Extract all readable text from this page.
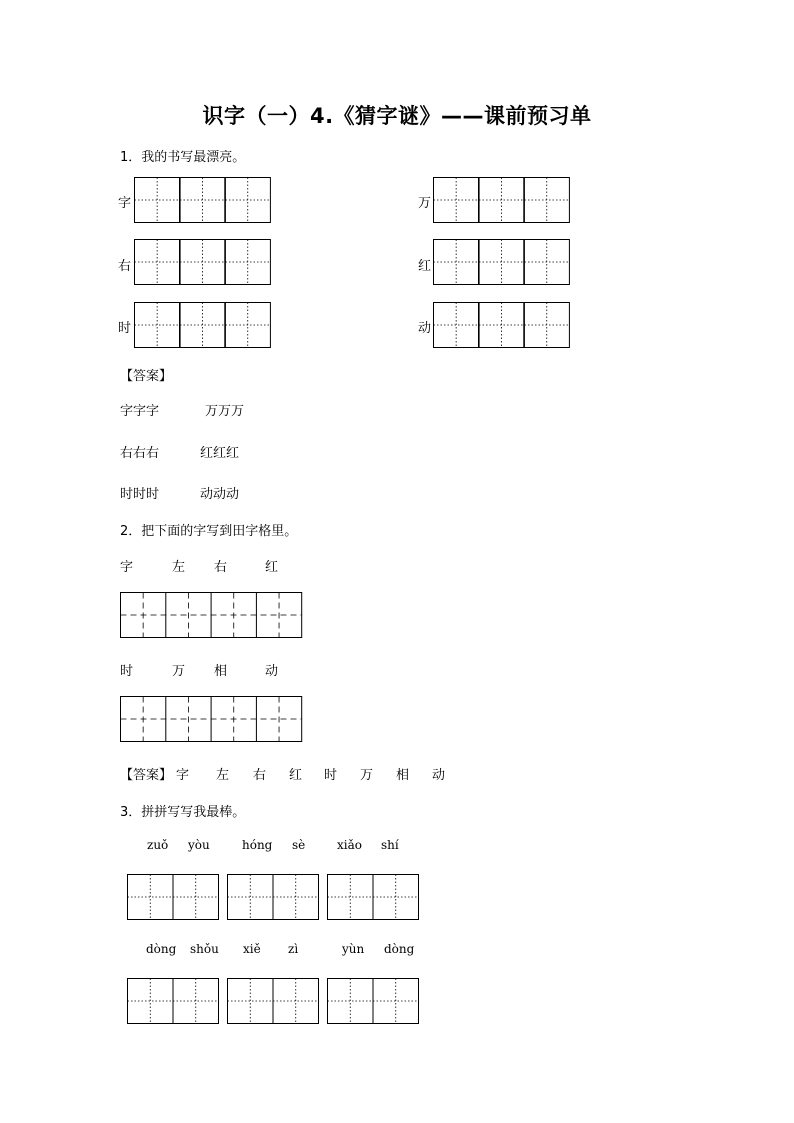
识字（一）4.《猜字谜》——课前预习单
1．我的书写最漂亮。
字	万
右	红
时	动
【答案】
字字字	万万万
右右右	红红红
时时时	动动动
2．把下面的字写到田字格里。
字	左 右	红
时	万 相	动
【答案】 字 左 右 红 时 万 相 动
3．拼拼写写我最棒。
zuǒ yòu	hóng sè	xiǎo shí
dòng shǒu xiě zì	yùn dòng
